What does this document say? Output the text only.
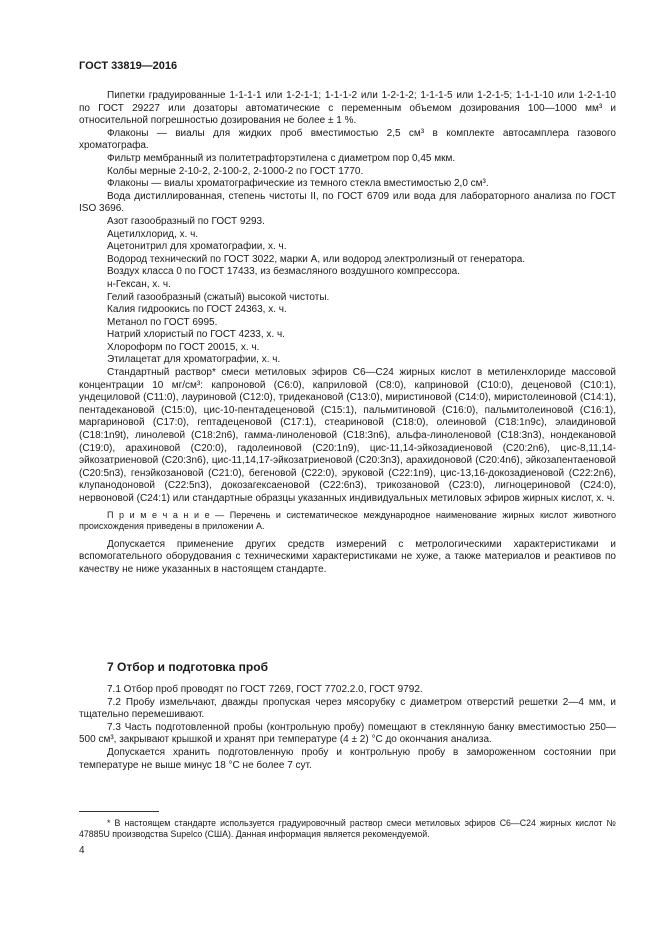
ГОСТ 33819—2016

Пипетки градуированные 1-1-1-1 или 1-2-1-1; 1-1-1-2 или 1-2-1-2; 1-1-1-5 или 1-2-1-5; 1-1-1-10 или 1-2-1-10 по ГОСТ 29227 или дозаторы автоматические с переменным объемом дозирования 100—1000 мм³ и относительной погрешностью дозирования не более ± 1 %.

Флаконы — виалы для жидких проб вместимостью 2,5 см³ в комплекте автосамплера газового хроматографа.

Фильтр мембранный из политетрафторэтилена с диаметром пор 0,45 мкм.

Колбы мерные 2-10-2, 2-100-2, 2-1000-2 по ГОСТ 1770.

Флаконы — виалы хроматографические из темного стекла вместимостью 2,0 см³.

Вода дистиллированная, степень чистоты II, по ГОСТ 6709 или вода для лабораторного анализа по ГОСТ ISO 3696.

Азот газообразный по ГОСТ 9293.

Ацетилхлорид, х. ч.

Ацетонитрил для хроматографии, х. ч.

Водород технический по ГОСТ 3022, марки А, или водород электролизный от генератора.

Воздух класса 0 по ГОСТ 17433, из безмасляного воздушного компрессора.

н-Гексан, х. ч.

Гелий газообразный (сжатый) высокой чистоты.

Калия гидроокись по ГОСТ 24363, х. ч.

Метанол по ГОСТ 6995.

Натрий хлористый по ГОСТ 4233, х. ч.

Хлороформ по ГОСТ 20015, х. ч.

Этилацетат для хроматографии, х. ч.

Стандартный раствор* смеси метиловых эфиров С6—С24 жирных кислот в метиленхлориде массовой концентрации 10 мг/см³: капроновой (С6:0), каприловой (С8:0), каприновой (С10:0), деценовой (С10:1), ундециловой (С11:0), лауриновой (С12:0), тридекановой (С13:0), миристиновой (С14:0), миристолеиновой (С14:1), пентадекановой (С15:0), цис-10-пентадеценовой (С15:1), пальмитиновой (С16:0), пальмитолеиновой (С16:1), маргариновой (С17:0), гептадеценовой (С17:1), стеариновой (С18:0), олеиновой (С18:1n9c), элаидиновой (С18:1n9t), линолевой (С18:2n6), гамма-линоленовой (С18:3n6), альфа-линоленовой (С18:3n3), нондекановой (С19:0), арахиновой (С20:0), гадолеиновой (С20:1n9), цис-11,14-эйкозадиеновой (С20:2n6), цис-8,11,14-эйкозатриеновой (С20:3n6), цис-11,14,17-эйкозатриеновой (С20:3n3), арахидоновой (С20:4n6), эйкозапентаеновой (С20:5n3), генэйкозановой (С21:0), бегеновой (С22:0), эруковой (С22:1n9), цис-13,16-докозадиеновой (С22:2n6), клупанодоновой (С22:5n3), докозагексаеновой (С22:6n3), трикозановой (С23:0), лигноцериновой (С24:0), нервоновой (С24:1) или стандартные образцы указанных индивидуальных метиловых эфиров жирных кислот, х. ч.

П р и м е ч а н и е — Перечень и систематическое международное наименование жирных кислот животного происхождения приведены в приложении А.

Допускается применение других средств измерений с метрологическими характеристиками и вспомогательного оборудования с техническими характеристиками не хуже, а также материалов и реактивов по качеству не ниже указанных в настоящем стандарте.

7 Отбор и подготовка проб

7.1 Отбор проб проводят по ГОСТ 7269, ГОСТ 7702.2.0, ГОСТ 9792.

7.2 Пробу измельчают, дважды пропуская через мясорубку с диаметром отверстий решетки 2—4 мм, и тщательно перемешивают.

7.3 Часть подготовленной пробы (контрольную пробу) помещают в стеклянную банку вместимостью 250—500 см³, закрывают крышкой и хранят при температуре (4 ± 2) °С до окончания анализа.

Допускается хранить подготовленную пробу и контрольную пробу в замороженном состоянии при температуре не выше минус 18 °С не более 7 сут.

* В настоящем стандарте используется градуировочный раствор смеси метиловых эфиров С6—С24 жирных кислот № 47885U производства Supelco (США). Данная информация является рекомендуемой.
4
